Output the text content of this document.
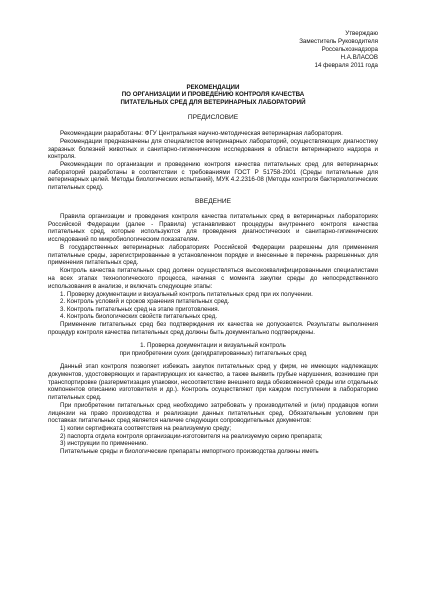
Утверждаю
Заместитель Руководителя
Россельхознадзора
Н.А.ВЛАСОВ
14 февраля 2011 года
РЕКОМЕНДАЦИИ
ПО ОРГАНИЗАЦИИ И ПРОВЕДЕНИЮ КОНТРОЛЯ КАЧЕСТВА
ПИТАТЕЛЬНЫХ СРЕД ДЛЯ ВЕТЕРИНАРНЫХ ЛАБОРАТОРИЙ
ПРЕДИСЛОВИЕ

Рекомендации разработаны: ФГУ Центральная научно-методическая ветеринарная лаборатория.

Рекомендации предназначены для специалистов ветеринарных лабораторий, осуществляющих диагностику заразных болезней животных и санитарно-гигиенические исследования в области ветеринарного надзора и контроля.

Рекомендации по организации и проведению контроля качества питательных сред для ветеринарных лабораторий разработаны в соответствии с требованиями ГОСТ Р 51758-2001 (Среды питательные для ветеринарных целей. Методы биологических испытаний), МУК 4.2.2316-08 (Методы контроля бактериологических питательных сред).

ВВЕДЕНИЕ

Правила организации и проведения контроля качества питательных сред в ветеринарных лабораториях Российской Федерации (далее - Правила) устанавливают процедуры внутреннего контроля качества питательных сред, которые используются для проведения диагностических и санитарно-гигиенических исследований по микробиологическим показателям.

В государственных ветеринарных лабораториях Российской Федерации разрешены для применения питательные среды, зарегистрированные в установленном порядке и внесенные в перечень разрешенных для применения питательных сред.

Контроль качества питательных сред должен осуществляться высококвалифицированными специалистами на всех этапах технологического процесса, начиная с момента закупки среды до непосредственного использования в анализе, и включать следующие этапы:

1. Проверку документации и визуальный контроль питательных сред при их получении.
2. Контроль условий и сроков хранения питательных сред.
3. Контроль питательных сред на этапе приготовления.
4. Контроль биологических свойств питательных сред.

Применение питательных сред без подтверждения их качества не допускается. Результаты выполнения процедур контроля качества питательных сред должны быть документально подтверждены.

1. Проверка документации и визуальный контроль
при приобретении сухих (дегидратированных) питательных сред

Данный этап контроля позволяет избежать закупок питательных сред у фирм, не имеющих надлежащих документов, удостоверяющих и гарантирующих их качество, а также выявить грубые нарушения, возникшие при транспортировке (разгерметизация упаковки, несоответствие внешнего вида обезвоженной среды или отдельных компонентов описанию изготовителя и др.). Контроль осуществляют при каждом поступлении в лабораторию питательных сред.

При приобретении питательных сред необходимо затребовать у производителей и (или) продавцов копии лицензии на право производства и реализации данных питательных сред. Обязательным условием при поставках питательных сред является наличие следующих сопроводительных документов:

1) копии сертификата соответствия на реализуемую среду;
2) паспорта отдела контроля организации-изготовителя на реализуемую серию препарата;
3) инструкции по применению.

Питательные среды и биологические препараты импортного производства должны иметь
